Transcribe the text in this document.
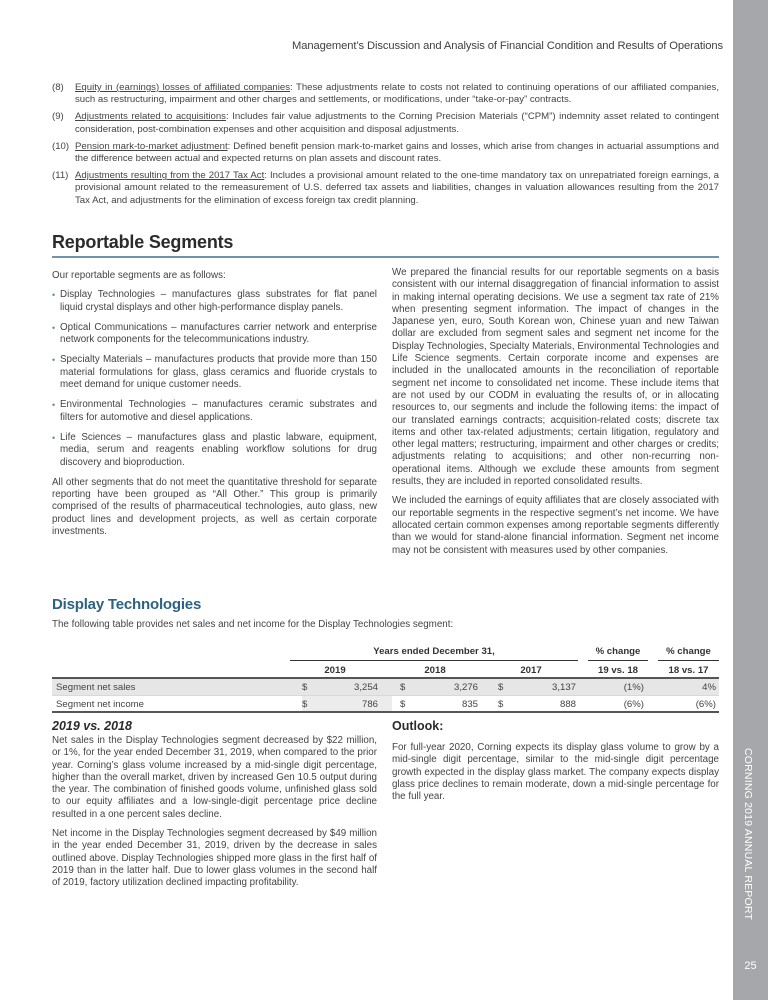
CORNING 2019 ANNUAL REPORT
25
Management’s Discussion and Analysis of Financial Condition and Results of Operations
(8)	Equity in (earnings) losses of affiliated companies: These adjustments relate to costs not related to continuing operations of our affiliated companies, such as restructuring, impairment and other charges and settlements, or modifications, under “take-or-pay” contracts.
(9)	Adjustments related to acquisitions: Includes fair value adjustments to the Corning Precision Materials (“CPM”) indemnity asset related to contingent consideration, post-combination expenses and other acquisition and disposal adjustments.
(10) Pension mark-to-market adjustment: Defined benefit pension mark-to-market gains and losses, which arise from changes in actuarial assumptions and the difference between actual and expected returns on plan assets and discount rates.
(11) Adjustments resulting from the 2017 Tax Act: Includes a provisional amount related to the one-time mandatory tax on unrepatriated foreign earnings, a provisional amount related to the remeasurement of U.S. deferred tax assets and liabilities, changes in valuation allowances resulting from the 2017 Tax Act, and adjustments for the elimination of excess foreign tax credit planning.
Reportable Segments

Our reportable segments are as follows:

• Display Technologies – manufactures glass substrates for flat panel liquid crystal displays and other high-performance display panels.
• Optical Communications – manufactures carrier network and enterprise network components for the telecommunications industry.
• Specialty Materials – manufactures products that provide more than 150 material formulations for glass, glass ceramics and fluoride crystals to meet demand for unique customer needs.
• Environmental Technologies – manufactures ceramic substrates and filters for automotive and diesel applications.
• Life Sciences – manufactures glass and plastic labware, equipment, media, serum and reagents enabling workflow solutions for drug discovery and bioproduction.

All other segments that do not meet the quantitative threshold for separate reporting have been grouped as “All Other.” This group is primarily comprised of the results of pharmaceutical technologies, auto glass, new product lines and development projects, as well as certain corporate investments.

We prepared the financial results for our reportable segments on a basis consistent with our internal disaggregation of financial information to assist in making internal operating decisions. We use a segment tax rate of 21% when presenting segment information. The impact of changes in the Japanese yen, euro, South Korean won, Chinese yuan and new Taiwan dollar are excluded from segment sales and segment net income for the Display Technologies, Specialty Materials, Environmental Technologies and Life Science segments. Certain corporate income and expenses are included in the unallocated amounts in the reconciliation of reportable segment net income to consolidated net income. These include items that are not used by our CODM in evaluating the results of, or in allocating resources to, our segments and include the following items: the impact of our translated earnings contracts; acquisition-related costs; discrete tax items and other tax-related adjustments; certain litigation, regulatory and other legal matters; restructuring, impairment and other charges or credits; adjustments relating to acquisitions; and other non-recurring non-operational items. Although we exclude these amounts from segment results, they are included in reported consolidated results.

We included the earnings of equity affiliates that are closely associated with our reportable segments in the respective segment’s net income. We have allocated certain common expenses among reportable segments differently than we would for stand-alone financial information. Segment net income may not be consistent with measures used by other companies.

Display Technologies
The following table provides net sales and net income for the Display Technologies segment:
Years ended December 31,	% change	% change
2019	2018	2017	19 vs. 18	18 vs. 17
Segment net sales	$	3,254 $	3,276 $	3,137	(1%)	4%
Segment net income	$	786 $	835 $	888	(6%)	(6%)
2019 vs. 2018

Net sales in the Display Technologies segment decreased by $22 million, or 1%, for the year ended December 31, 2019, when compared to the prior year. Corning’s glass volume increased by a mid-single digit percentage, higher than the overall market, driven by increased Gen 10.5 output during the year. The combination of finished goods volume, unfinished glass sold to our equity affiliates and a low-single-digit percentage price decline resulted in a one percent sales decline.

Net income in the Display Technologies segment decreased by $49 million in the year ended December 31, 2019, driven by the decrease in sales outlined above. Display Technologies shipped more glass in the first half of 2019 than in the latter half. Due to lower glass volumes in the second half of 2019, factory utilization declined impacting profitability.

Outlook:
For full-year 2020, Corning expects its display glass volume to grow by a mid-single digit percentage, similar to the mid-single digit percentage growth expected in the display glass market. The company expects display glass price declines to remain moderate, down a mid-single percentage for the full year.
